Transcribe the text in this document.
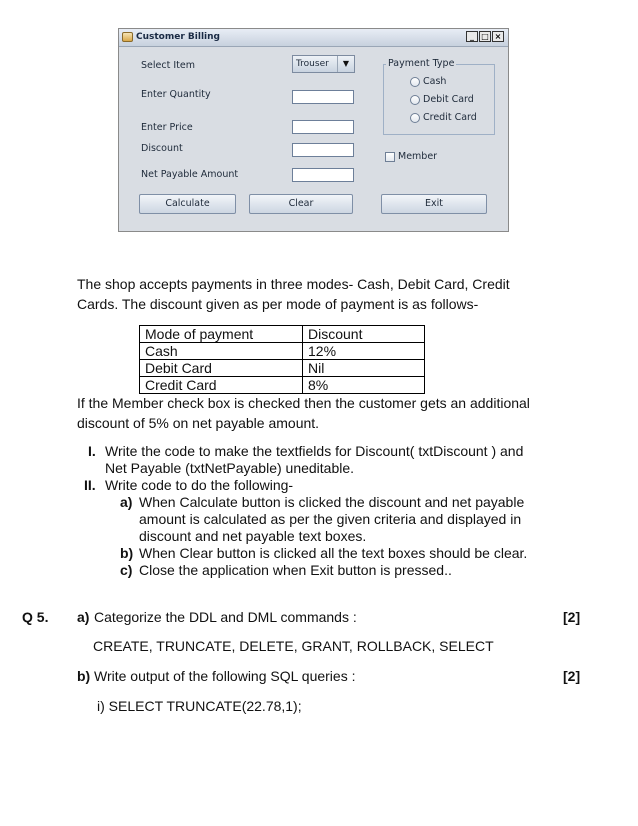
Customer Billing	_ □ ×
Select Item
Enter Quantity
Enter Price
Discount
Net Payable Amount
Trouser	▼	Payment Type
Cash
Debit Card
Credit Card
Member
Calculate	Clear	Exit
The shop accepts payments in three modes- Cash, Debit Card, Credit Cards. The discount given as per mode of payment is as follows-
Mode of payment	Discount
Cash	12%
Debit Card	Nil
Credit Card	8%
If the Member check box is checked then the customer gets an additional discount of 5% on net payable amount.
I. Write the code to make the textfields for Discount( txtDiscount ) and
Net Payable (txtNetPayable) uneditable.
II. Write code to do the following-
a) When Calculate button is clicked the discount and net payable
amount is calculated as per the given criteria and displayed in
discount and net payable text boxes.
b) When Clear button is clicked all the text boxes should be clear.
c) Close the application when Exit button is pressed..
Q 5. a) Categorize the DDL and DML commands :	[2]
CREATE, TRUNCATE, DELETE, GRANT, ROLLBACK, SELECT
b) Write output of the following SQL queries :	[2]
i) SELECT TRUNCATE(22.78,1);
